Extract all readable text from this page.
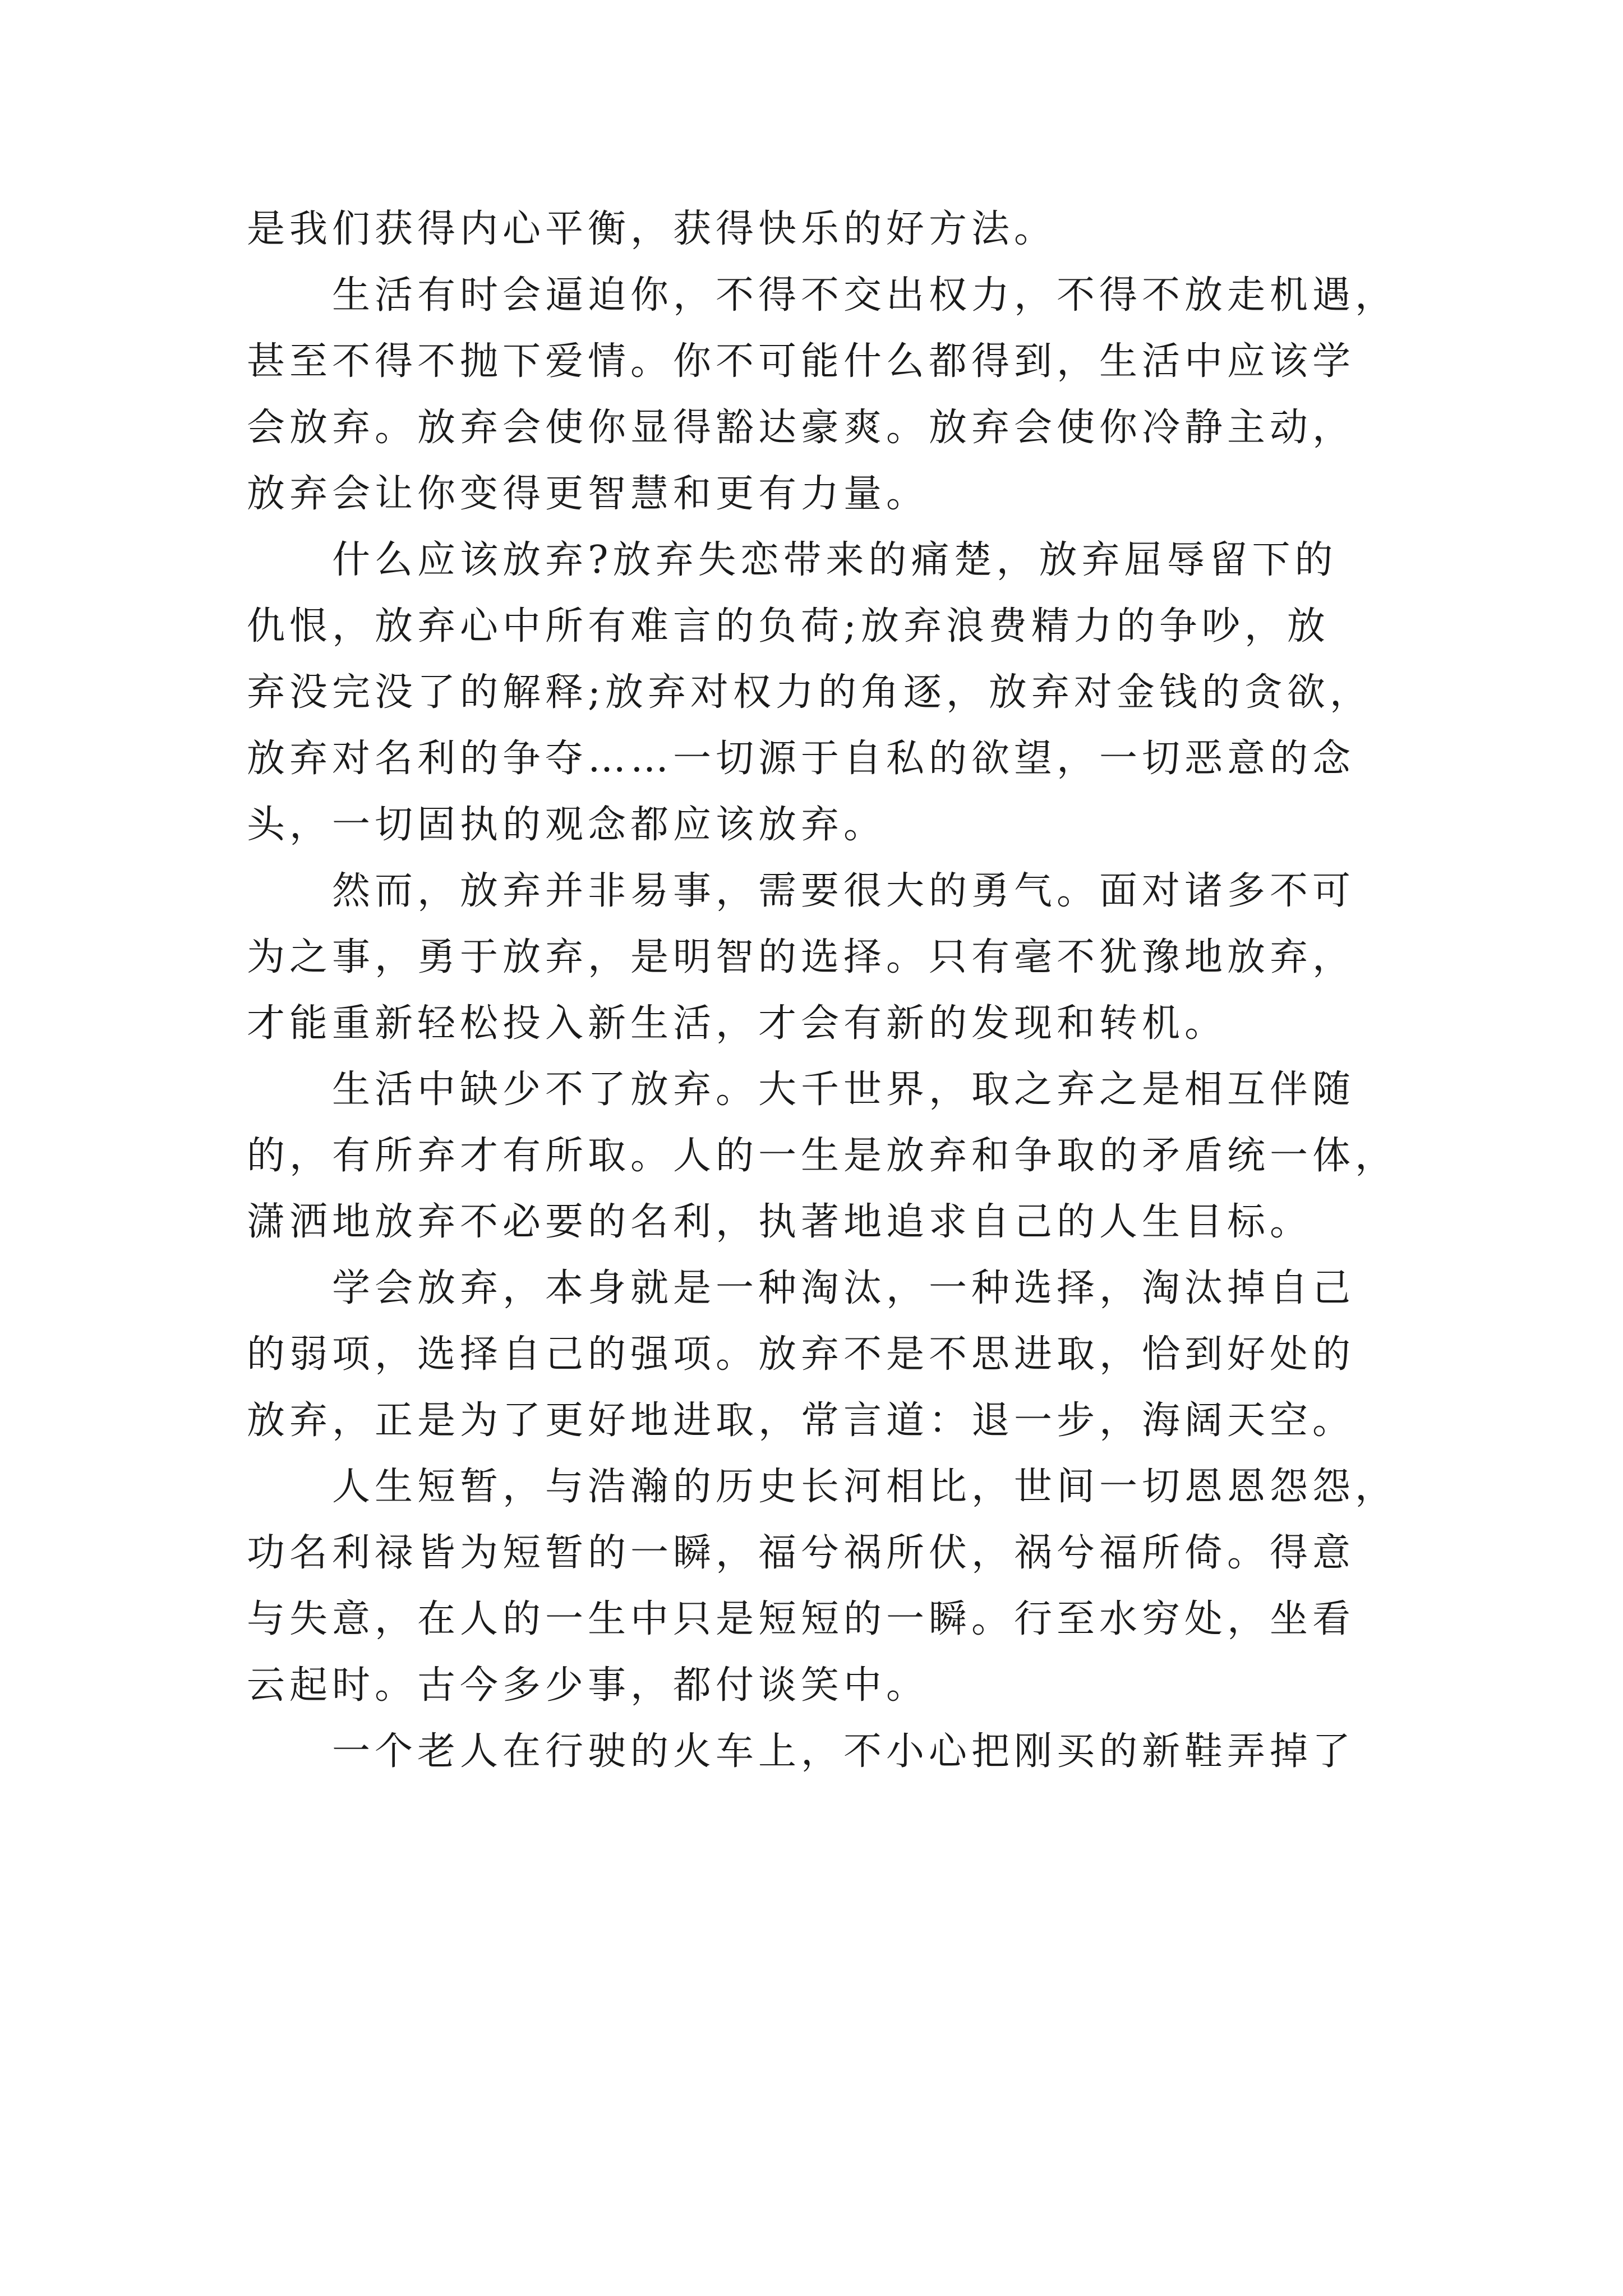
是我们获得内心平衡，获得快乐的好方法。
生活有时会逼迫你，不得不交出权力，不得不放走机遇，
甚至不得不抛下爱情。你不可能什么都得到，生活中应该学
会放弃。放弃会使你显得豁达豪爽。放弃会使你冷静主动，
放弃会让你变得更智慧和更有力量。
什么应该放弃?放弃失恋带来的痛楚，放弃屈辱留下的
仇恨，放弃心中所有难言的负荷;放弃浪费精力的争吵，放
弃没完没了的解释;放弃对权力的角逐，放弃对金钱的贪欲，
放弃对名利的争夺……一切源于自私的欲望，一切恶意的念
头，一切固执的观念都应该放弃。
然而，放弃并非易事，需要很大的勇气。面对诸多不可
为之事，勇于放弃，是明智的选择。只有毫不犹豫地放弃，
才能重新轻松投入新生活，才会有新的发现和转机。
生活中缺少不了放弃。大千世界，取之弃之是相互伴随
的，有所弃才有所取。人的一生是放弃和争取的矛盾统一体，
潇洒地放弃不必要的名利，执著地追求自己的人生目标。
学会放弃，本身就是一种淘汰，一种选择，淘汰掉自己
的弱项，选择自己的强项。放弃不是不思进取，恰到好处的
放弃，正是为了更好地进取，常言道：退一步，海阔天空。
人生短暂，与浩瀚的历史长河相比，世间一切恩恩怨怨，
功名利禄皆为短暂的一瞬，福兮祸所伏，祸兮福所倚。得意
与失意，在人的一生中只是短短的一瞬。行至水穷处，坐看
云起时。古今多少事，都付谈笑中。
一个老人在行驶的火车上，不小心把刚买的新鞋弄掉了
